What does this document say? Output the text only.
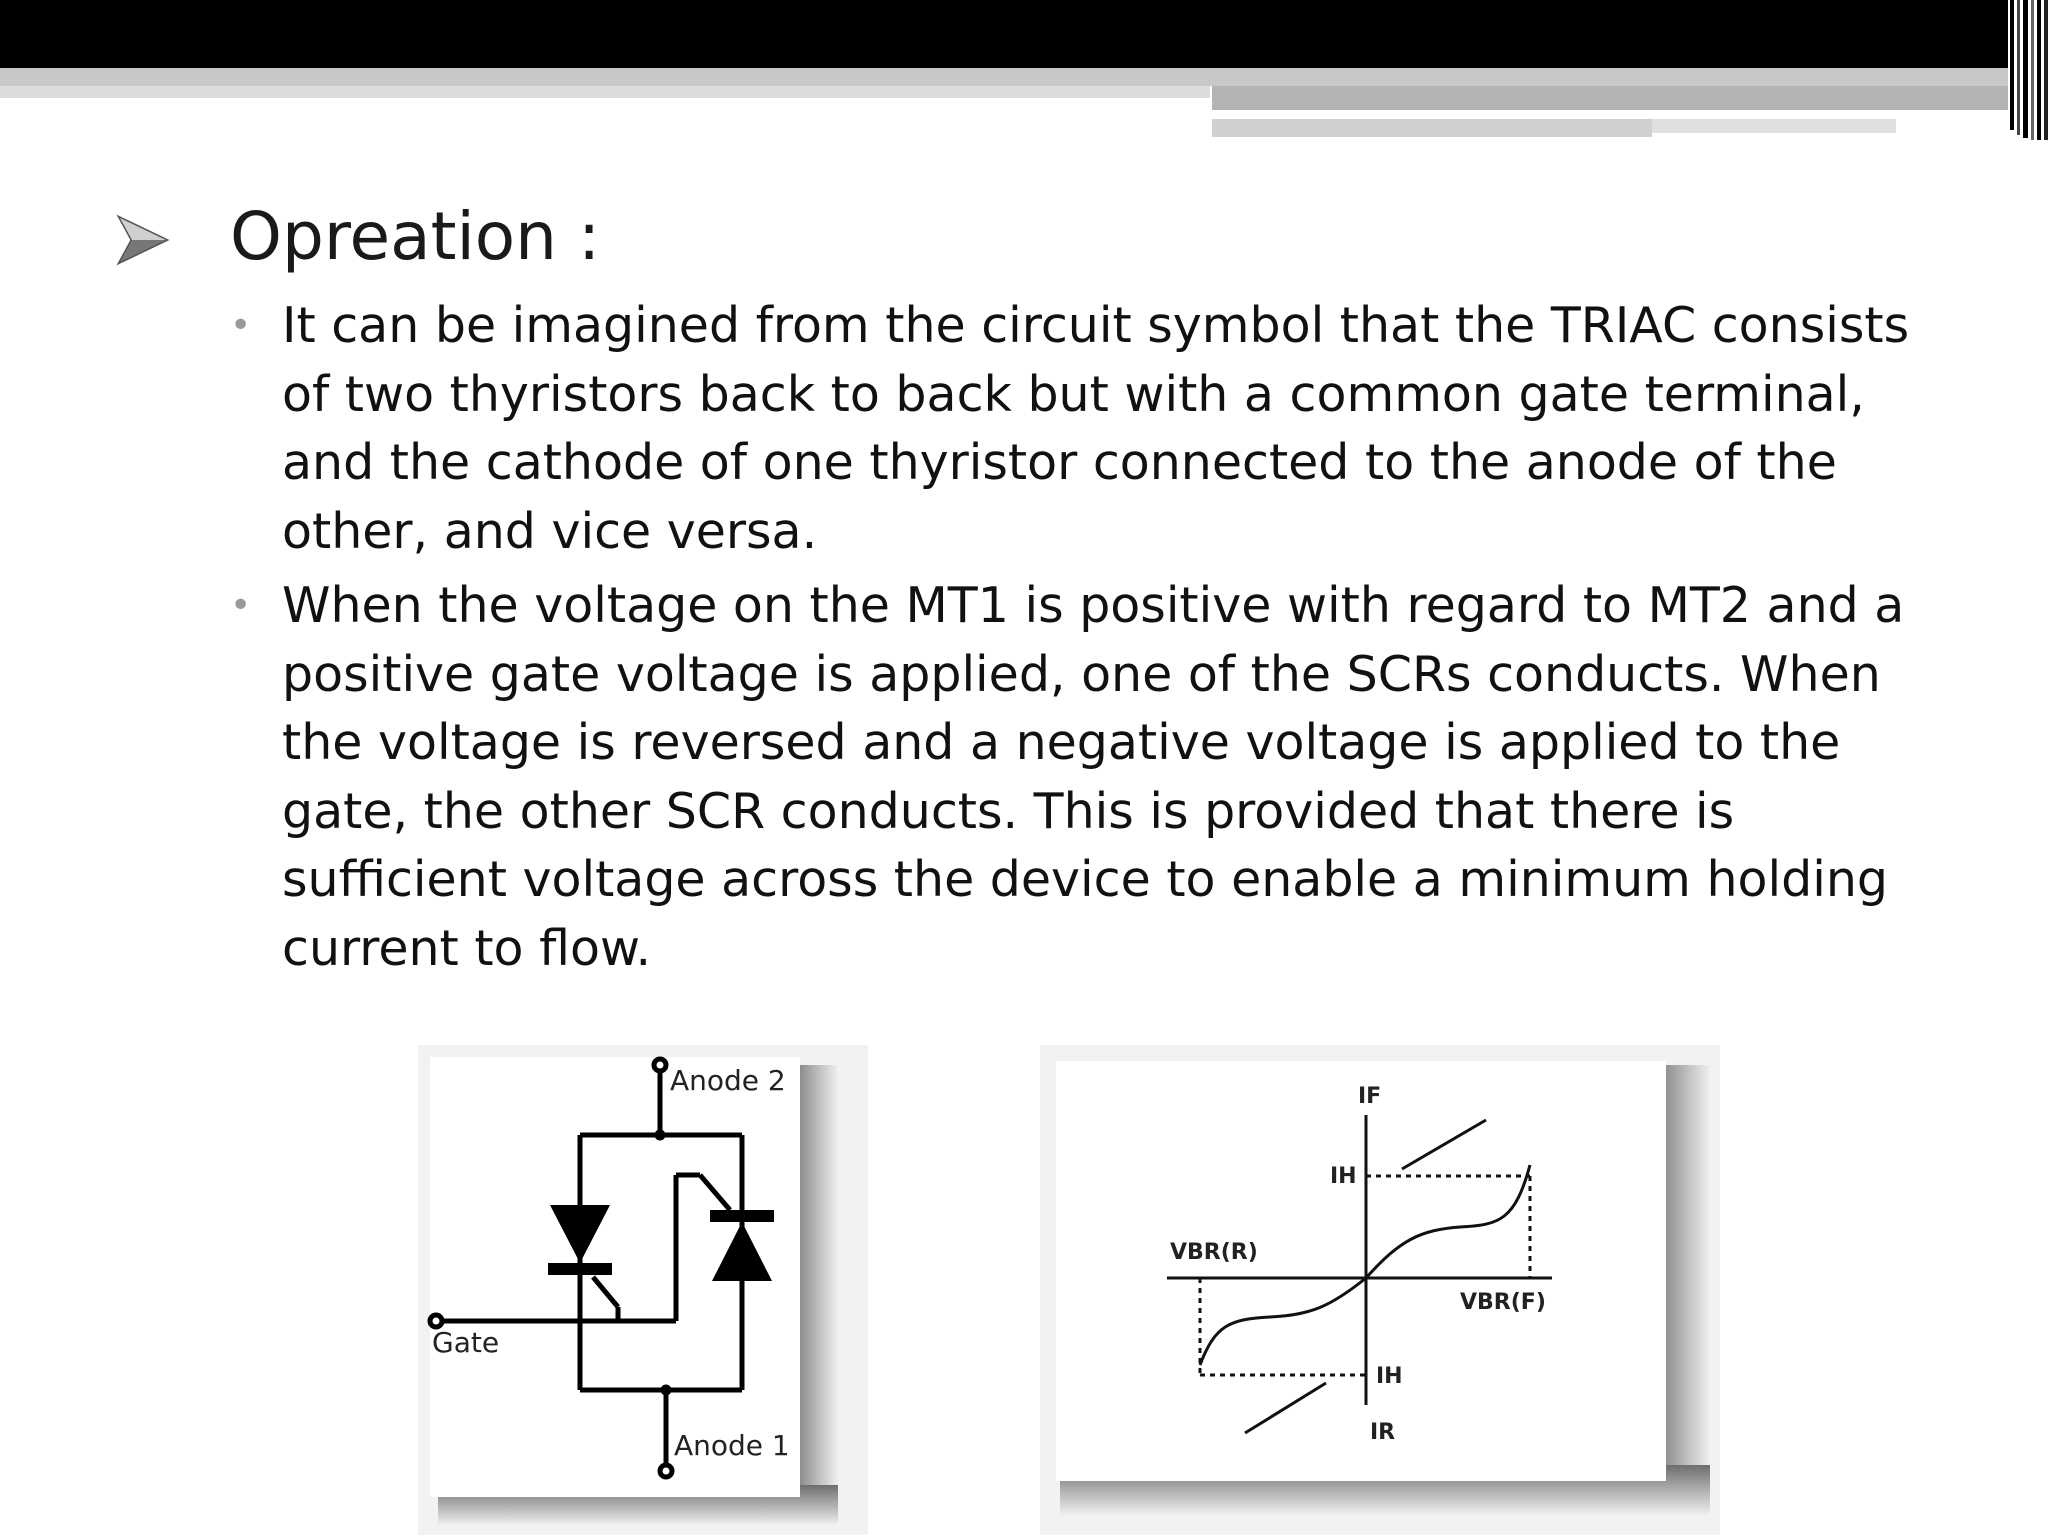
Opreation :
• It can be imagined from the circuit symbol that the TRIAC consists of two thyristors back to back but with a common gate terminal, and the cathode of one thyristor connected to the anode of the other, and vice versa.
• When the voltage on the MT1 is positive with regard to MT2 and a positive gate voltage is applied, one of the SCRs conducts. When the voltage is reversed and a negative voltage is applied to the gate, the other SCR conducts. This is provided that there is sufficient voltage across the device to enable a minimum holding current to flow.
Anode 2
Anode 1
Gate
IF
IR
IH
IH
VBR(R)
VBR(F)
